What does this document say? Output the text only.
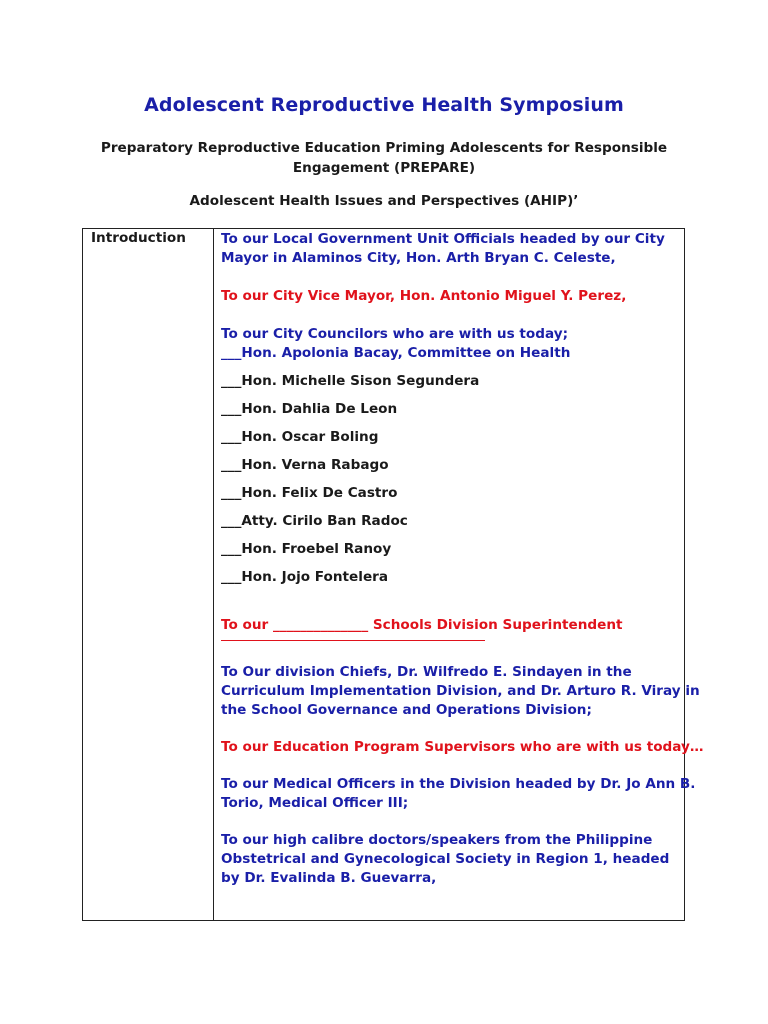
Adolescent Reproductive Health Symposium
Preparatory Reproductive Education Priming Adolescents for Responsible
Engagement (PREPARE)
Adolescent Health Issues and Perspectives (AHIP)’
Introduction	To our Local Government Unit Officials headed by our City

Mayor in Alaminos City, Hon. Arth Bryan C. Celeste,

To our City Vice Mayor, Hon. Antonio Miguel Y. Perez,

To our City Councilors who are with us today;

___Hon. Apolonia Bacay, Committee on Health

___Hon. Michelle Sison Segundera

___Hon. Dahlia De Leon

___Hon. Oscar Boling

___Hon. Verna Rabago

___Hon. Felix De Castro

___Atty. Cirilo Ban Radoc

___Hon. Froebel Ranoy

___Hon. Jojo Fontelera

To our ______________ Schools Division Superintendent

To Our division Chiefs, Dr. Wilfredo E. Sindayen in the

Curriculum Implementation Division, and Dr. Arturo R. Viray in

the School Governance and Operations Division;

To our Education Program Supervisors who are with us today…

To our Medical Officers in the Division headed by Dr. Jo Ann B.

Torio, Medical Officer III;

To our high calibre doctors/speakers from the Philippine

Obstetrical and Gynecological Society in Region 1, headed

by Dr. Evalinda B. Guevarra,
